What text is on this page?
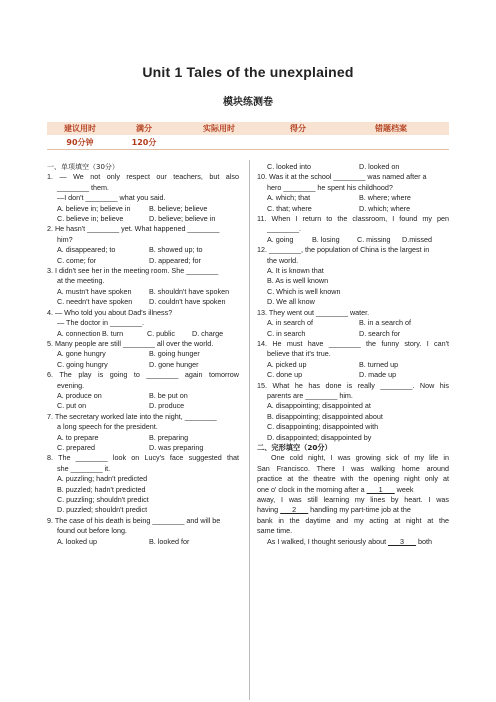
Unit 1 Tales of the unexplained
模块练测卷
建议用时	满分	实际用时	得分	错题档案
90分钟	120分
一、单项填空（30分）
1. — We not only respect our teachers, but also
________ them.
—I don't ________ what you said.
A. believe in; believe in	B. believe; believe
C. believe in; believe	D. believe; believe in
2. He hasn't ________ yet. What happened ________
him?
A. disappeared; to	B. showed up; to
C. come; for	D. appeared; for
3. I didn't see her in the meeting room. She ________
at the meeting.
A. mustn't have spoken	B. shouldn't have spoken
C. needn't have spoken	D. couldn't have spoken
4. — Who told you about Dad's illness?
— The doctor in ________.
A. connection B. turn	C. public	D. charge
5. Many people are still ________ all over the world.
A. gone hungry	B. going hunger
C. going hungry	D. gone hunger
6. The play is going to ________ again tomorrow
evening.
A. produce on	B. be put on
C. put on	D. produce
7. The secretary worked late into the night, ________
a long speech for the president.
A. to prepare	B. preparing
C. prepared	D. was preparing
8. The ________ look on Lucy's face suggested that
she ________ it.
A. puzzling; hadn't predicted
B. puzzled; hadn't predicted
C. puzzling; shouldn't predict
D. puzzled; shouldn't predict
9. The case of his death is being ________ and will be
found out before long.
A. looked up	B. looked for
C. looked into	D. looked on
10. Was it at the school ________ was named after a
hero ________ he spent his childhood?
A. which; that	B. where; where
C. that; where	D. which; where
11. When I return to the classroom, I found my pen
________.
A. going	B. losing	C. missing	D.missed
12. ________, the population of China is the largest in
the world.
A. It is known that
B. As is well known
C. Which is well known
D. We all know
13. They went out ________ water.
A. in search of	B. in a search of
C. in search	D. search for
14. He must have ________ the funny story. I can't
believe that it's true.
A. picked up	B. turned up
C. done up	D. made up
15. What he has done is really ________. Now his
parents are ________ him.
A. disappointing; disappointed at
B. disappointing; disappointed about
C. disappointing; disappointed with
D. disappointed; disappointed by
二、完形填空（20分）
One cold night, I was growing sick of my life in
San Francisco. There I was walking home around
practice at the theatre with the opening night only at
one o' clock in the morning after a ___1___ week
away, I was still learning my lines by heart. I was
having ___2___ handling my part-time job at the
bank in the daytime and my acting at night at the
same time.
As I walked, I thought seriously about ___3___ both
